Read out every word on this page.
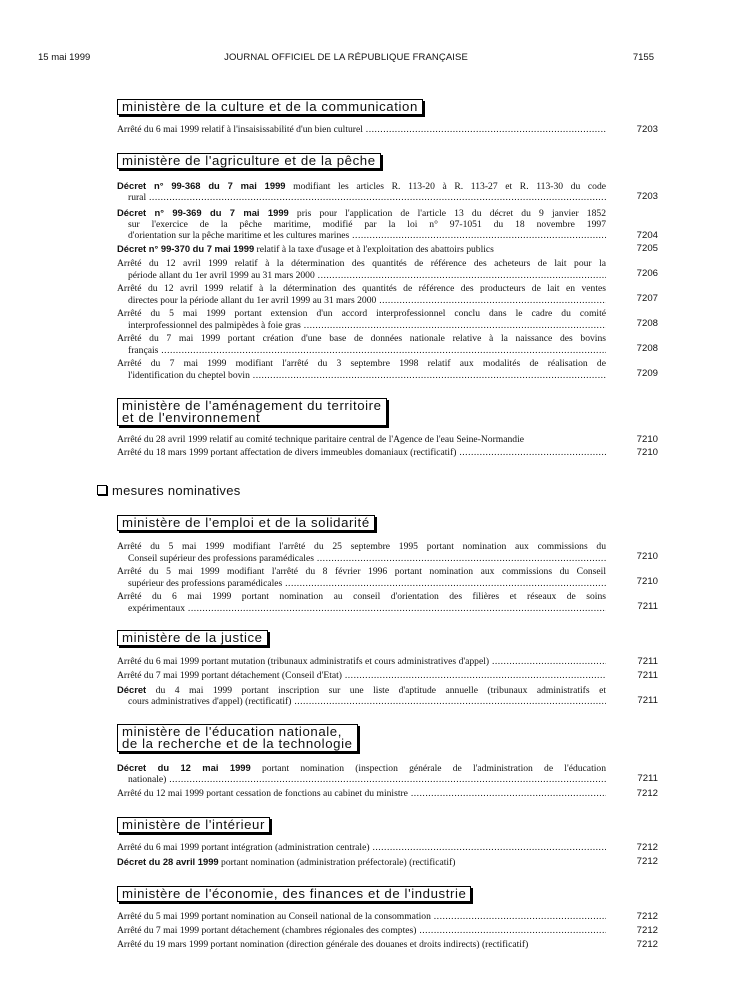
15 mai 1999	JOURNAL OFFICIEL DE LA RÉPUBLIQUE FRANÇAISE	7155
ministère de la culture et de la communication
Arrêté du 6 mai 1999 relatif à l'insaisissabilité d'un bien culturel .....	7203
ministère de l'agriculture et de la pêche
Décret n° 99-368 du 7 mai 1999 modifiant les articles R. 113-20 à R. 113-27 et R. 113-30 du code
rural .....	7203
Décret n° 99-369 du 7 mai 1999 pris pour l'application de l'article 13 du décret du 9 janvier 1852
sur l'exercice de la pêche maritime, modifié par la loi n° 97-1051 du 18 novembre 1997
d'orientation sur la pêche maritime et les cultures marines .....	7204
Décret n° 99-370 du 7 mai 1999 relatif à la taxe d'usage et à l'exploitation des abattoirs publics	7205
Arrêté du 12 avril 1999 relatif à la détermination des quantités de référence des acheteurs de lait pour la
période allant du 1er avril 1999 au 31 mars 2000 .....	7206
Arrêté du 12 avril 1999 relatif à la détermination des quantités de référence des producteurs de lait en ventes
directes pour la période allant du 1er avril 1999 au 31 mars 2000 .....	7207
Arrêté du 5 mai 1999 portant extension d'un accord interprofessionnel conclu dans le cadre du comité
interprofessionnel des palmipèdes à foie gras .....	7208
Arrêté du 7 mai 1999 portant création d'une base de données nationale relative à la naissance des bovins
français .....	7208
Arrêté du 7 mai 1999 modifiant l'arrêté du 3 septembre 1998 relatif aux modalités de réalisation de
l'identification du cheptel bovin .....	7209
ministère de l'aménagement du territoire
et de l'environnement
Arrêté du 28 avril 1999 relatif au comité technique paritaire central de l'Agence de l'eau Seine-Normandie	7210
Arrêté du 18 mars 1999 portant affectation de divers immeubles domaniaux (rectificatif) .....	7210
mesures nominatives
ministère de l'emploi et de la solidarité
Arrêté du 5 mai 1999 modifiant l'arrêté du 25 septembre 1995 portant nomination aux commissions du
Conseil supérieur des professions paramédicales .....	7210
Arrêté du 5 mai 1999 modifiant l'arrêté du 8 février 1996 portant nomination aux commissions du Conseil
supérieur des professions paramédicales .....	7210
Arrêté du 6 mai 1999 portant nomination au conseil d'orientation des filières et réseaux de soins
expérimentaux .....	7211
ministère de la justice
Arrêté du 6 mai 1999 portant mutation (tribunaux administratifs et cours administratives d'appel) .....	7211
Arrêté du 7 mai 1999 portant détachement (Conseil d'Etat) .....	7211
Décret du 4 mai 1999 portant inscription sur une liste d'aptitude annuelle (tribunaux administratifs et
cours administratives d'appel) (rectificatif) .....	7211
ministère de l'éducation nationale,
de la recherche et de la technologie
Décret du 12 mai 1999 portant nomination (inspection générale de l'administration de l'éducation
nationale) .....	7211
Arrêté du 12 mai 1999 portant cessation de fonctions au cabinet du ministre .....	7212
ministère de l'intérieur
Arrêté du 6 mai 1999 portant intégration (administration centrale) .....	7212
Décret du 28 avril 1999 portant nomination (administration préfectorale) (rectificatif)	7212
ministère de l'économie, des finances et de l'industrie
Arrêté du 5 mai 1999 portant nomination au Conseil national de la consommation .....	7212
Arrêté du 7 mai 1999 portant détachement (chambres régionales des comptes) .....	7212
Arrêté du 19 mars 1999 portant nomination (direction générale des douanes et droits indirects) (rectificatif)	7212
